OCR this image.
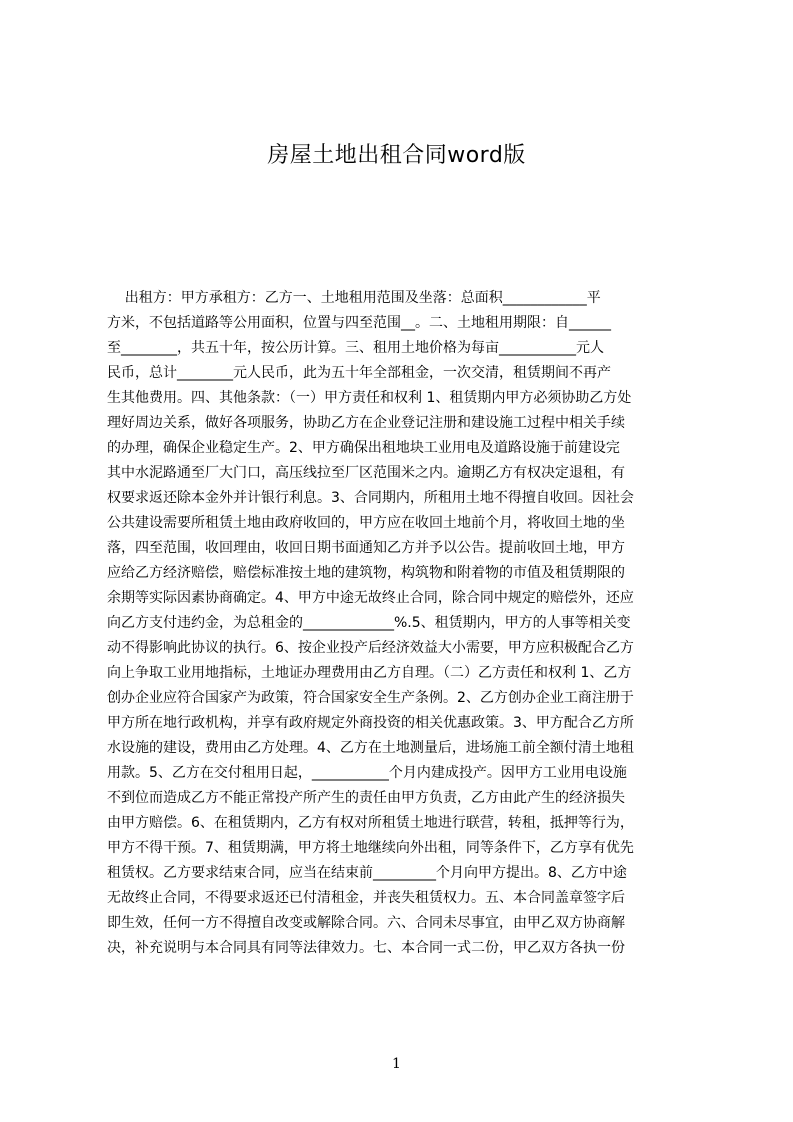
房屋土地出租合同word版
出租方：甲方承租方：乙方一、土地租用范围及坐落：总面积____________平
方米，不包括道路等公用面积，位置与四至范围__。二、土地租用期限：自______
至________，共五十年，按公历计算。三、租用土地价格为每亩___________元人
民币，总计________元人民币，此为五十年全部租金，一次交清，租赁期间不再产
生其他费用。四、其他条款：（一）甲方责任和权利 1、租赁期内甲方必须协助乙方处
理好周边关系，做好各项服务，协助乙方在企业登记注册和建设施工过程中相关手续
的办理，确保企业稳定生产。2、甲方确保出租地块工业用电及道路设施于前建设完
其中水泥路通至厂大门口，高压线拉至厂区范围米之内。逾期乙方有权决定退租，有
权要求返还除本金外并计银行利息。3、合同期内，所租用土地不得擅自收回。因社会
公共建设需要所租赁土地由政府收回的，甲方应在收回土地前个月，将收回土地的坐
落，四至范围，收回理由，收回日期书面通知乙方并予以公告。提前收回土地，甲方
应给乙方经济赔偿，赔偿标准按土地的建筑物，构筑物和附着物的市值及租赁期限的
余期等实际因素协商确定。4、甲方中途无故终止合同，除合同中规定的赔偿外，还应
向乙方支付违约金，为总租金的_____________%.5、租赁期内，甲方的人事等相关变
动不得影响此协议的执行。6、按企业投产后经济效益大小需要，甲方应积极配合乙方
向上争取工业用地指标，土地证办理费用由乙方自理。（二）乙方责任和权利 1、乙方
创办企业应符合国家产为政策，符合国家安全生产条例。2、乙方创办企业工商注册于
甲方所在地行政机构，并享有政府规定外商投资的相关优惠政策。3、甲方配合乙方所
水设施的建设，费用由乙方处理。4、乙方在土地测量后，进场施工前全额付清土地租
用款。5、乙方在交付租用日起，___________个月内建成投产。因甲方工业用电设施
不到位而造成乙方不能正常投产所产生的责任由甲方负责，乙方由此产生的经济损失
由甲方赔偿。6、在租赁期内，乙方有权对所租赁土地进行联营，转租，抵押等行为，
甲方不得干预。7、租赁期满，甲方将土地继续向外出租，同等条件下，乙方享有优先
租赁权。乙方要求结束合同，应当在结束前_________个月向甲方提出。8、乙方中途
无故终止合同，不得要求返还已付清租金，并丧失租赁权力。五、本合同盖章签字后
即生效，任何一方不得擅自改变或解除合同。六、合同未尽事宜，由甲乙双方协商解
决，补充说明与本合同具有同等法律效力。七、本合同一式二份，甲乙双方各执一份
1
